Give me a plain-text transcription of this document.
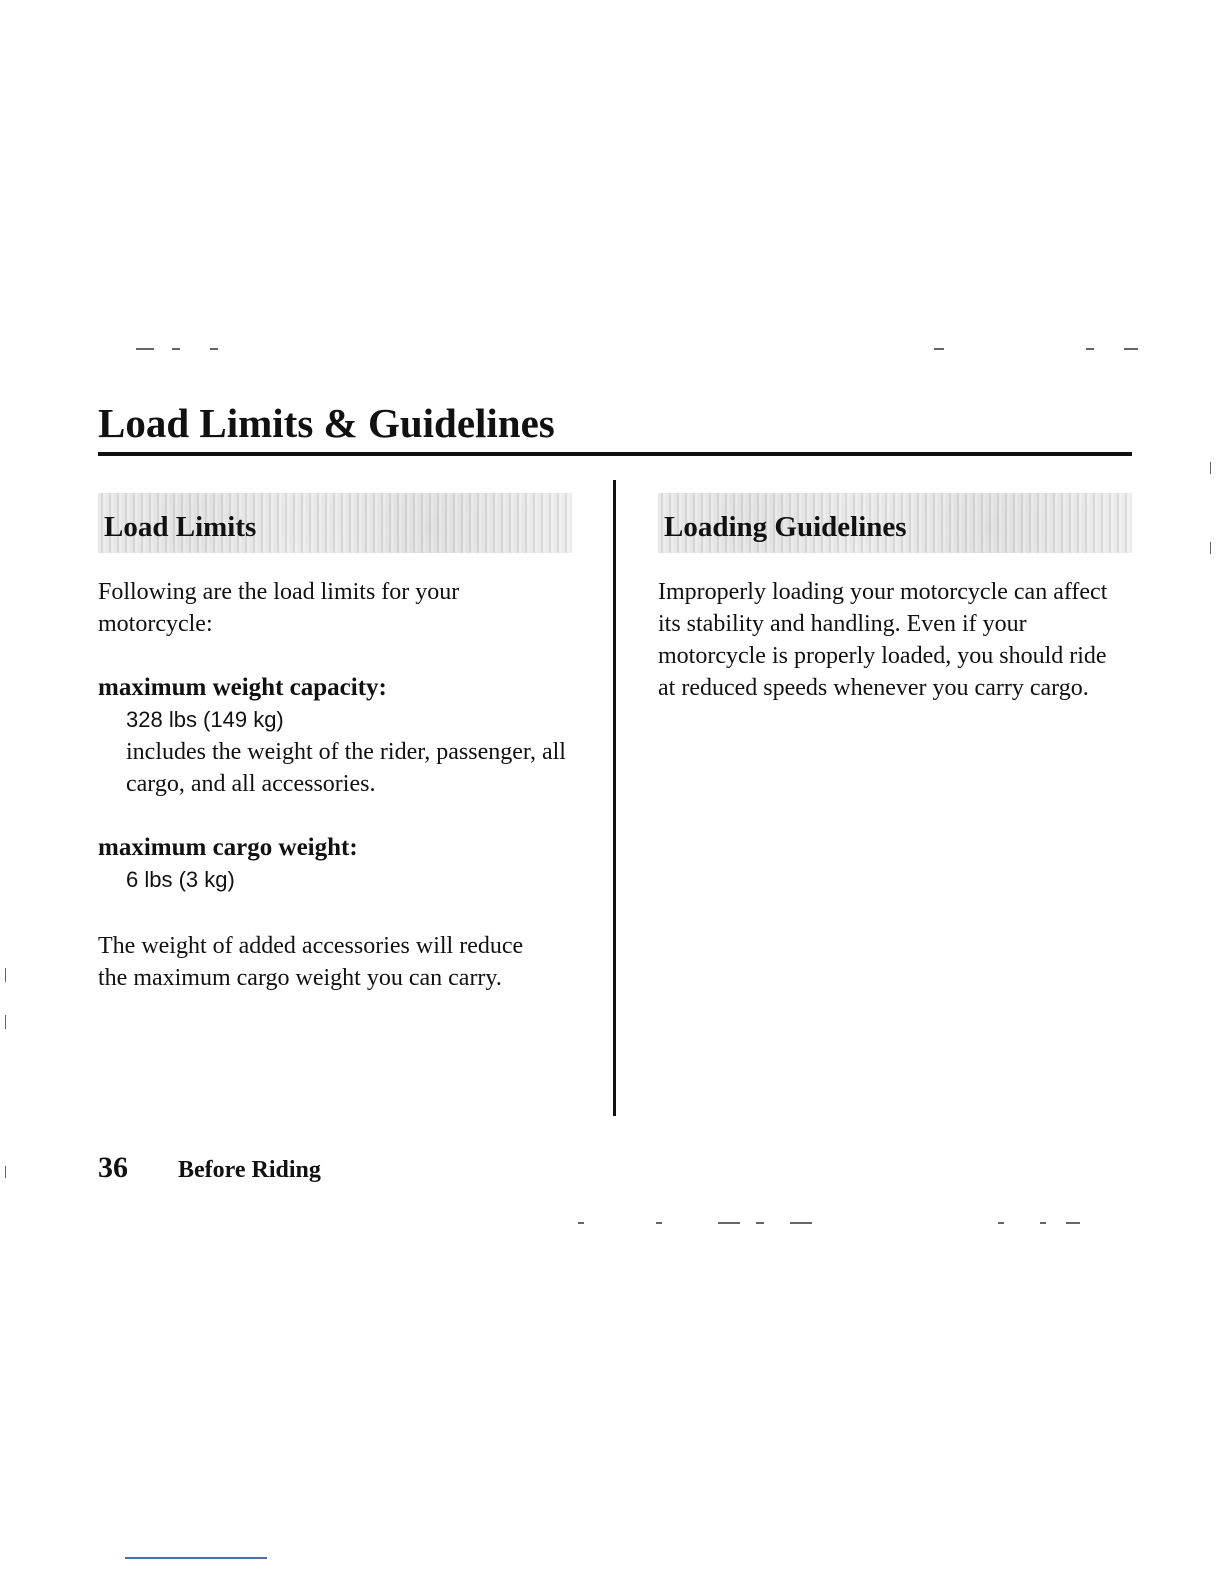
Load Limits & Guidelines
Load Limits
Following are the load limits for your motorcycle:
maximum weight capacity:
328 lbs (149 kg)
includes the weight of the rider, passenger, all cargo, and all accessories.
maximum cargo weight:
6 lbs (3 kg)
The weight of added accessories will reduce the maximum cargo weight you can carry.
Loading Guidelines
Improperly loading your motorcycle can affect its stability and handling. Even if your motorcycle is properly loaded, you should ride at reduced speeds whenever you carry cargo.
36 Before Riding
